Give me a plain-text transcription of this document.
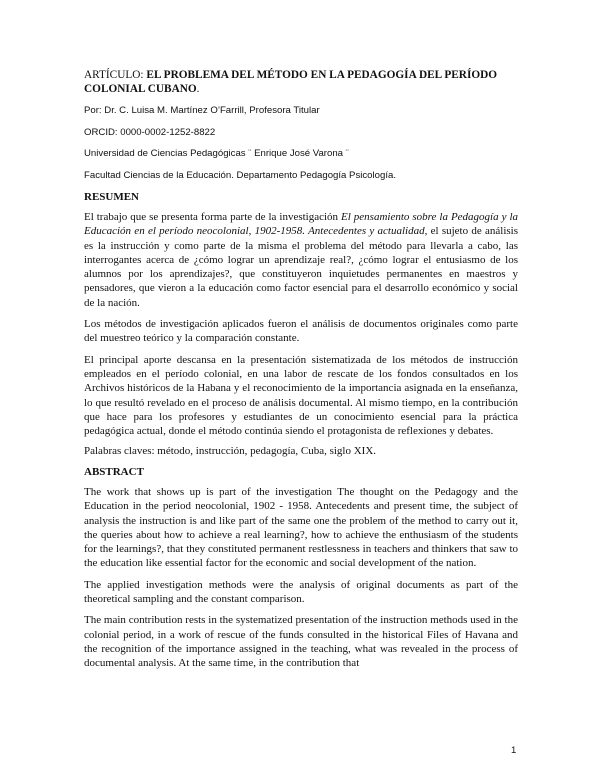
ARTÍCULO: EL PROBLEMA DEL MÉTODO EN LA PEDAGOGÍA DEL PERÍODO COLONIAL CUBANO.

Por: Dr. C. Luisa M. Martínez O’Farrill, Profesora Titular

ORCID: 0000-0002-1252-8822

Universidad de Ciencias Pedagógicas ¨ Enrique José Varona ¨

Facultad Ciencias de la Educación. Departamento Pedagogía Psicología.

RESUMEN

El trabajo que se presenta forma parte de la investigación El pensamiento sobre la Pedagogía y la Educación en el período neocolonial, 1902-1958. Antecedentes y actualidad, el sujeto de análisis es la instrucción y como parte de la misma el problema del método para llevarla a cabo, las interrogantes acerca de ¿cómo lograr un aprendizaje real?, ¿cómo lograr el entusiasmo de los alumnos por los aprendizajes?, que constituyeron inquietudes permanentes en maestros y pensadores, que vieron a la educación como factor esencial para el desarrollo económico y social de la nación.

Los métodos de investigación aplicados fueron el análisis de documentos originales como parte del muestreo teórico y la comparación constante.

El principal aporte descansa en la presentación sistematizada de los métodos de instrucción empleados en el período colonial, en una labor de rescate de los fondos consultados en los Archivos históricos de la Habana y el reconocimiento de la importancia asignada en la enseñanza, lo que resultó revelado en el proceso de análisis documental. Al mismo tiempo, en la contribución que hace para los profesores y estudiantes de un conocimiento esencial para la práctica pedagógica actual, donde el método continúa siendo el protagonista de reflexiones y debates.

Palabras claves: método, instrucción, pedagogía, Cuba, siglo XIX.

ABSTRACT

The work that shows up is part of the investigation The thought on the Pedagogy and the Education in the period neocolonial, 1902 - 1958. Antecedents and present time, the subject of analysis the instruction is and like part of the same one the problem of the method to carry out it, the queries about how to achieve a real learning?, how to achieve the enthusiasm of the students for the learnings?, that they constituted permanent restlessness in teachers and thinkers that saw to the education like essential factor for the economic and social development of the nation.

The applied investigation methods were the analysis of original documents as part of the theoretical sampling and the constant comparison.

The main contribution rests in the systematized presentation of the instruction methods used in the colonial period, in a work of rescue of the funds consulted in the historical Files of Havana and the recognition of the importance assigned in the teaching, what was revealed in the process of documental analysis. At the same time, in the contribution that

1
